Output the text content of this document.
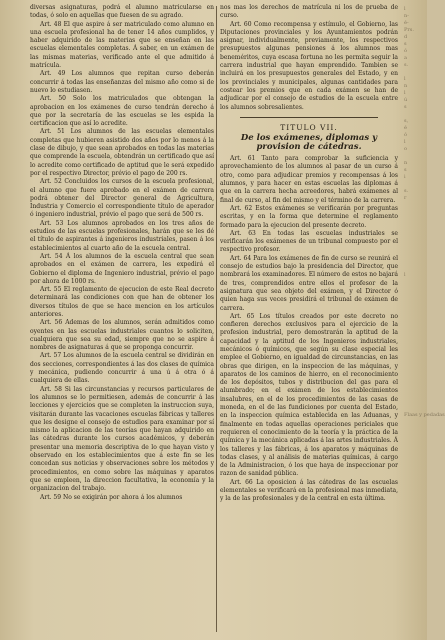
diversas asignaturas, podrá el alumno matricularse en todas, ó solo en aquellas que fuesen de su agrado.

Art. 48 El que aspire á ser matriculado como alumno en una escuela profesional ha de tener 14 años cumplidos, y haber adquirido de las materias que se enseñan en las escuelas elementales completas. Á saber, en un exámen de las mismas materias, verificado ante el que admitido á matrícula.

Art. 49 Los alumnos que repitan curso deberán concurrir á todas las enseñanzas del mismo año como si de nuevo lo estudiasen.

Art. 50 Solo los matriculados que obtengan la aprobacion en los exámenes de curso tendrán derecho á que por la secretaría de las escuelas se les espida la certificacion que así lo acredite.

Art. 51 Los alumnos de las escuelas elementales completas que hubieren asistido dos años por lo menos á la clase de dibujo, y que sean aprobados en todas las materias que comprende la escuela, obtendrán un certificado que así lo acredite como certificado de aptitud que le será expedido por el respectivo Director, prévio el pago de 200 rs.

Art. 52 Concluidos los cursos de la escuela profesional, el alumno que fuere aprobado en el exámen de carrera podrá obtener del Director general de Agricultura, Industria y Comercio el correspondiente título de aperador ó ingeniero industrial, prévio el pago que será de 500 rs.

Art. 53 Los alumnos aprobados en los tres años de estudios de las escuelas profesionales, harán que se les dé el título de aspirantes á ingenieros industriales, pasen á los establecimientos al cuarto año de la escuela central.

Art. 54 Á los alumnos de la escuela central que sean aprobados en el exámen de carrera, les expedirá el Gobierno el diploma de Ingeniero industrial, prévio el pago por ahora de 1000 rs.

Art. 55 El reglamento de ejecucion de este Real decreto determinará las condiciones con que han de obtener los diversos títulos de que se hace mencion en los artículos anteriores.

Art. 56 Ademas de los alumnos, serán admitidos como oyentes en las escuelas industriales cuantos lo soliciten, cualquiera que sea su edad, siempre que no se aspire á nombres de asignaturas á que se proponga concurrir.

Art. 57 Los alumnos de la escuela central se dividirán en dos secciones, correspondientes á las dos clases de química y mecánica, pudiendo concurrir á una ú á otra ó á cualquiera de ellas.

Art. 58 Si las circunstancias y recursos particulares de los alumnos se lo permitiesen, además de concurrir á las lecciones y ejercicios que se completen la instruccion suya, visitarán durante las vacaciones escuelas fábricas y talleres que les designe el consejo de estudios para examinar por sí mismo la aplicacion de las teorías que hayan adquirido en las cátedras durante los cursos académicos, y deberán presentar una memoria descriptiva de lo que hayan visto y observado en los establecimientos que á este fin se les concedan sus noticias y observaciones sobre los métodos y procedimientos, en como sobre las máquinas y aparatos que se empleen, la direccion facultativa, la economía y la organizacion del trabajo.

Art. 59 No se exigirán por ahora á los alumnos

nos mas los derechos de matrícula ni los de prueba de curso.

Art. 60 Como recompensa y estímulo, el Gobierno, las Diputaciones provinciales y los Ayuntamientos podrán asignar, individualmente, previamente, los respectivos presupuestos algunas pensiones á los alumnos mas beneméritos, cuya escasa fortuna no les permita seguir la carrera industrial que hayan emprendido. Tambien se incluirá en los presupuestos generales del Estado, y en los provinciales y municipales, algunas cantidades para costear los premios que en cada exámen se han de adjudicar por el consejo de estudios de la escuela entre los alumnos sobresalientes.

TITULO VII.
De los exámenes, diplomas y provision de cátedras.

Art. 61 Tanto para comprobar la suficiencia y aprovechamiento de los alumnos al pasar de un curso á otro, como para adjudicar premios y recompensas á los alumnos, y para hacer en estas escuelas las diplomas á que en la carrera hecha acreedores, habrá exámenes al final de curso, al fin del mismo y el término de la carrera.

Art. 62 Estos exámenes se verificarán por preguntas escritas, y en la forma que determine el reglamento formado para la ejecucion del presente decreto.

Art. 63 En todas las escuelas industriales se verificarán los exámenes de un tribunal compuesto por el respectivo profesor.

Art. 64 Para los exámenes de fin de curso se reunirá el consejo de estudios bajo la presidencia del Director, que nombrará los examinadores. El número de estos no bajará de tres, comprendidos entre ellos el profesor de la asignatura que sea objeto del exámen, y el Director ó quien haga sus veces presidirá el tribunal de exámen de carrera.

Art. 65 Los títulos creados por este decreto no confieren derechos exclusivos para el ejercicio de la profesion industrial, pero demostrarán la aptitud de la capacidad y la aptitud de los Ingenieros industriales, mecánicos ó químicos, que según su clase especial les emplee el Gobierno, en igualdad de circunstancias, en las obras que dirigen, en la inspeccion de las máquinas, y aparatos de los caminos de hierro, en el reconocimiento de los depósitos, tubos y distribucion del gas para el alumbrado; en el exámen de los establecimientos insalubres, en el de los procedimientos de las casas de moneda, en el de las fundiciones por cuenta del Estado, en la inspeccion química establecida en las Aduanas, y finalmente en todas aquellas operaciones periciales que requieren el conocimiento de la teoría y la práctica de la química y la mecánica aplicadas á las artes industriales. Á los talleres y las fábricas, á los aparatos y máquinas de todas clases, y al análisis de materias químicas, á cargo de la Administracion, ó los que haya de inspeccionar por razon de sanidad pública.

Art. 66 La oposicion á las cátedras de las escuelas elementales se verificará en la profesional mas inmediata, y la de las profesionales y de la central en esta última.

l
n-
é-
Prs.
d
s
ó
a
s.

l
n
l
ú
s

s,
é
ó
l
o

n
s
i

s.
r

l

Flaas y pedadas
